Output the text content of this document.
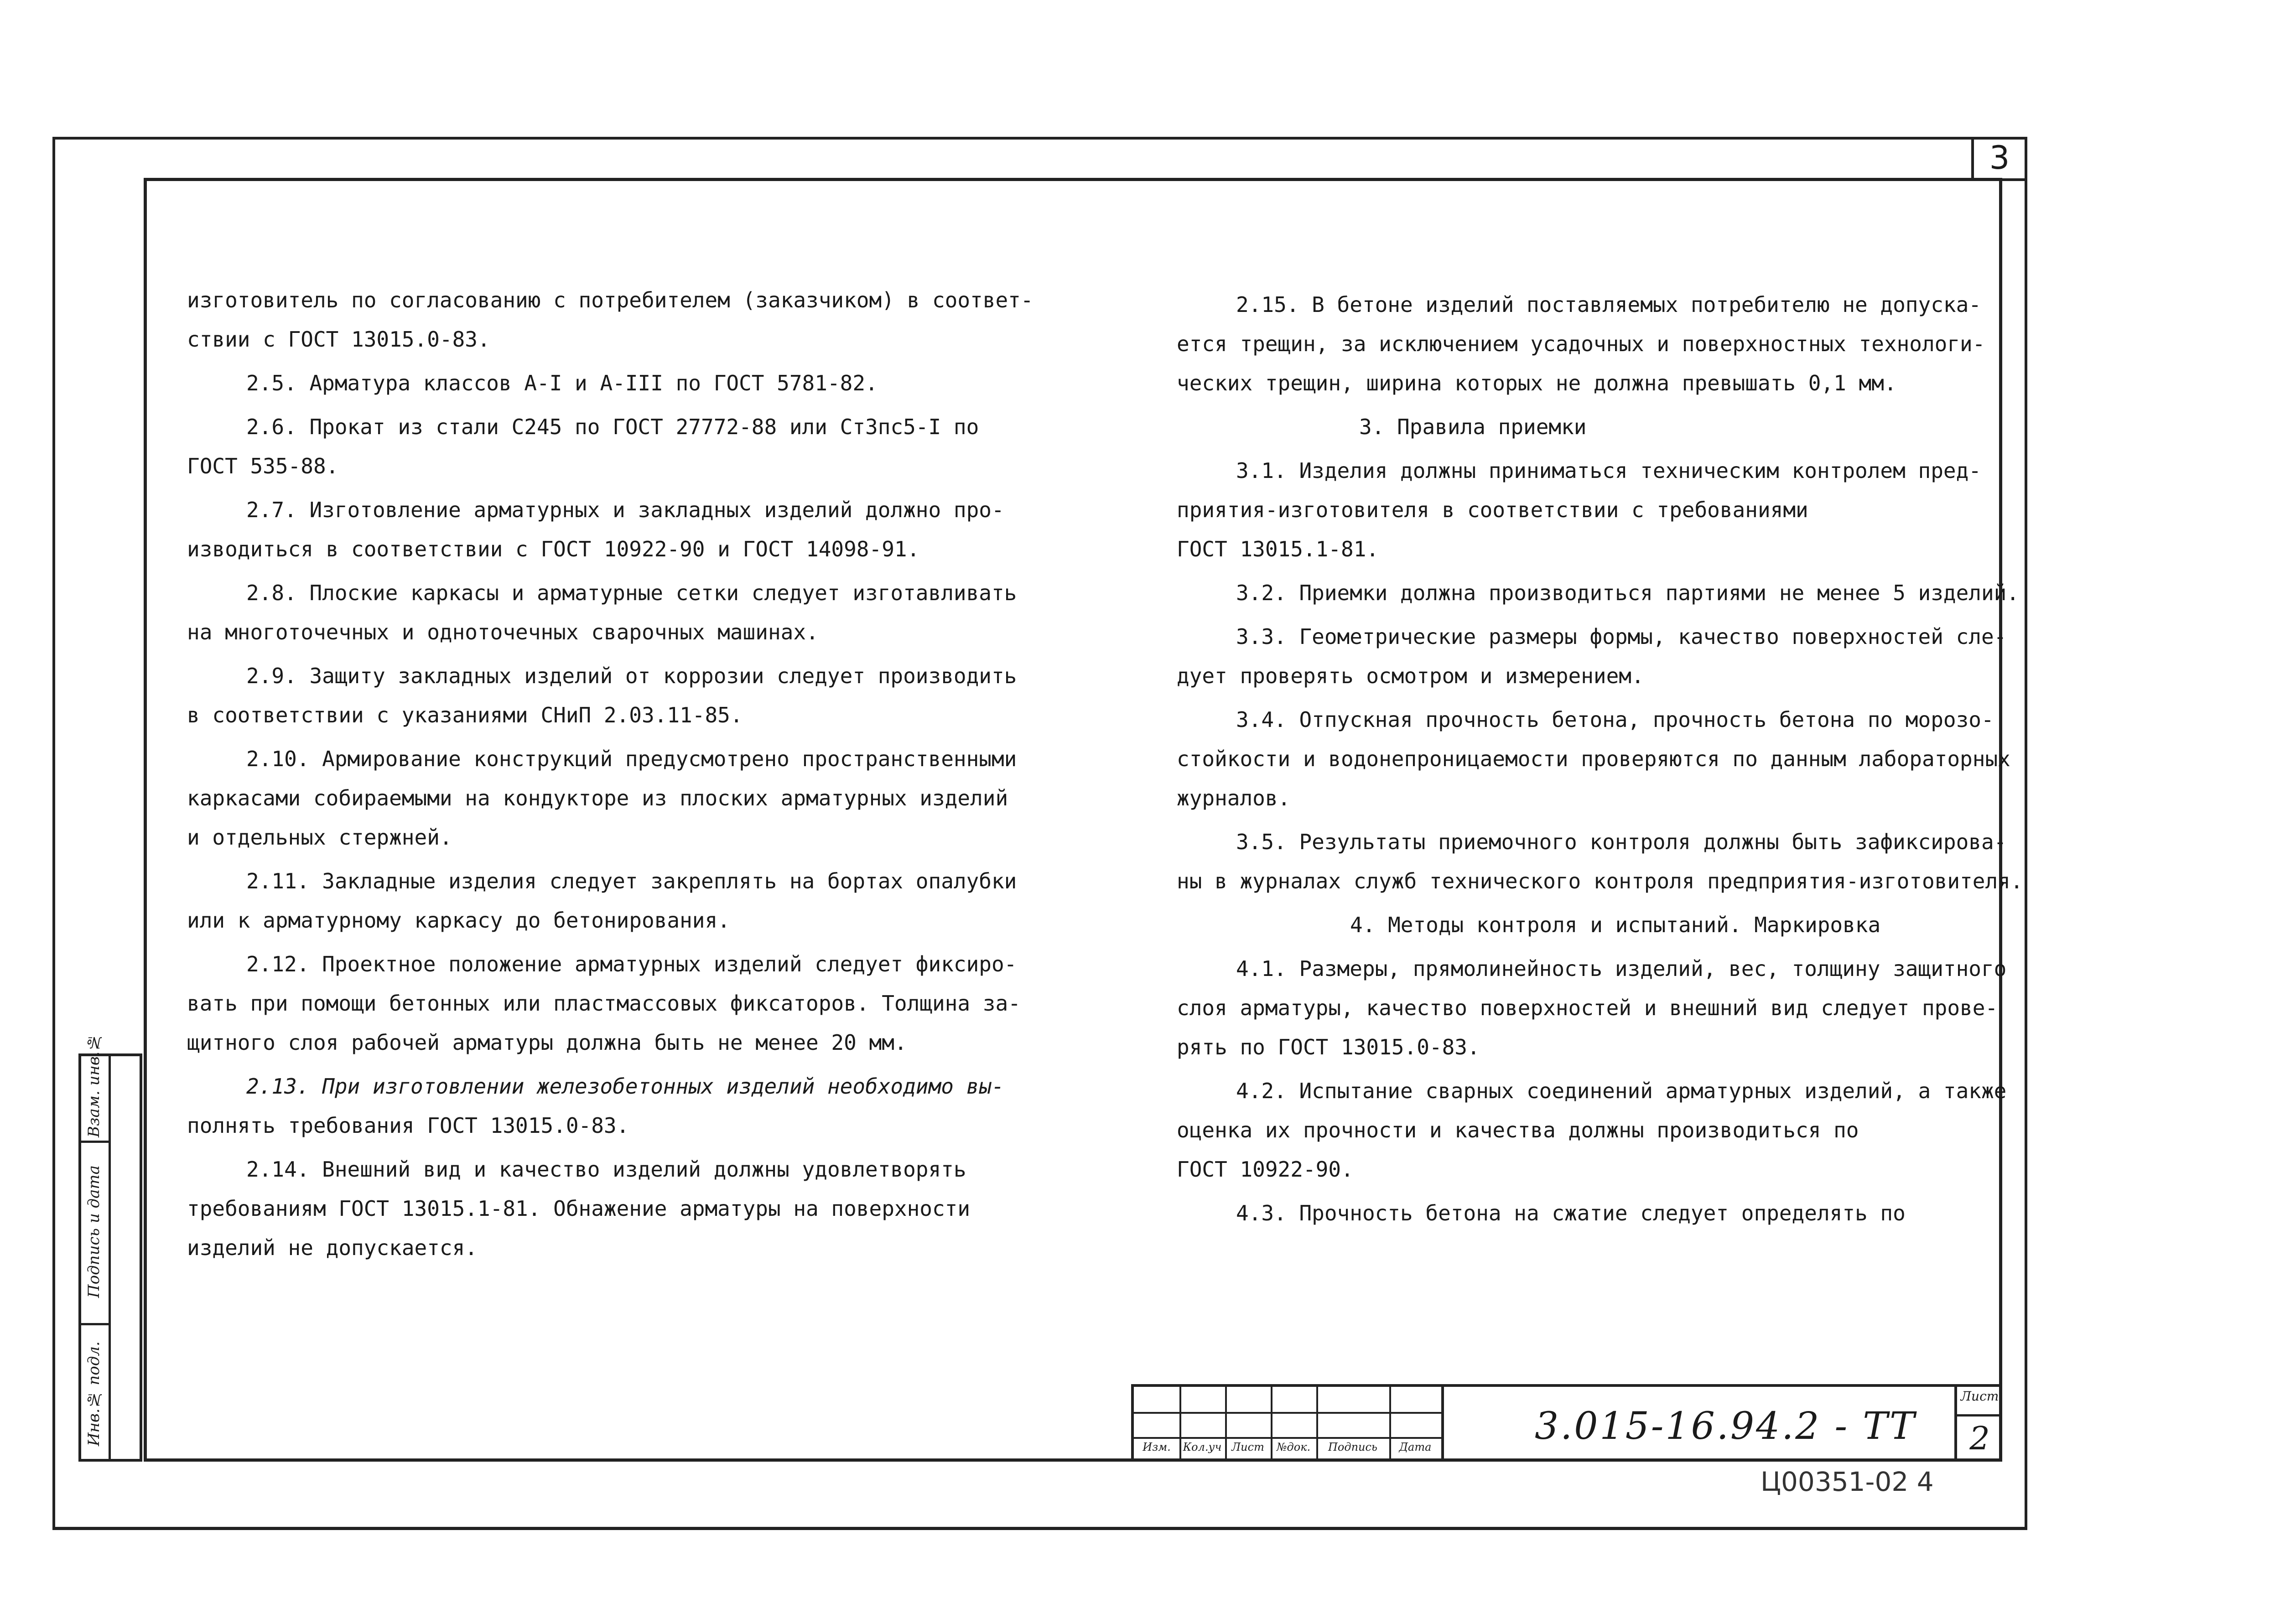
3

изготовитель по согласованию с потребителем (заказчиком) в соответ-

ствии с ГОСТ 13015.0-83.

2.5. Арматура классов А-I и А-III по ГОСТ 5781-82.

2.6. Прокат из стали С245 по ГОСТ 27772-88 или Ст3пс5-I по

ГОСТ 535-88.

2.7. Изготовление арматурных и закладных изделий должно про-

изводиться в соответствии с ГОСТ 10922-90 и ГОСТ 14098-91.

2.8. Плоские каркасы и арматурные сетки следует изготавливать

на многоточечных и одноточечных сварочных машинах.

2.9. Защиту закладных изделий от коррозии следует производить

в соответствии с указаниями СНиП 2.03.11-85.

2.10. Армирование конструкций предусмотрено пространственными

каркасами собираемыми на кондукторе из плоских арматурных изделий

и отдельных стержней.

2.11. Закладные изделия следует закреплять на бортах опалубки

или к арматурному каркасу до бетонирования.

2.12. Проектное положение арматурных изделий следует фиксиро-

вать при помощи бетонных или пластмассовых фиксаторов. Толщина за-

щитного слоя рабочей арматуры должна быть не менее 20 мм.

2.13. При изготовлении железобетонных изделий необходимо вы-

полнять требования ГОСТ 13015.0-83.

2.14. Внешний вид и качество изделий должны удовлетворять

требованиям ГОСТ 13015.1-81. Обнажение арматуры на поверхности

изделий не допускается.

2.15. В бетоне изделий поставляемых потребителю не допуска-

ется трещин, за исключением усадочных и поверхностных технологи-

ческих трещин, ширина которых не должна превышать 0,1 мм.

3. Правила приемки

3.1. Изделия должны приниматься техническим контролем пред-

приятия-изготовителя в соответствии с требованиями

ГОСТ 13015.1-81.

3.2. Приемки должна производиться партиями не менее 5 изделий.

3.3. Геометрические размеры формы, качество поверхностей сле-

дует проверять осмотром и измерением.

3.4. Отпускная прочность бетона, прочность бетона по морозо-

стойкости и водонепроницаемости проверяются по данным лабораторных

журналов.

3.5. Результаты приемочного контроля должны быть зафиксирова-

ны в журналах служб технического контроля предприятия-изготовителя.

4. Методы контроля и испытаний. Маркировка

4.1. Размеры, прямолинейность изделий, вес, толщину защитного

слоя арматуры, качество поверхностей и внешний вид следует прове-

рять по ГОСТ 13015.0-83.

4.2. Испытание сварных соединений арматурных изделий, а также

оценка их прочности и качества должны производиться по

ГОСТ 10922-90.

4.3. Прочность бетона на сжатие следует определять по

Взам. инв.№
Подпись и дата
Инв.№ подл.
Изм.	Кол.уч Лист	№док.	Подпись	Дата	3.015-16.94.2 - ТТ
Лист
2
Ц00351-02 4
